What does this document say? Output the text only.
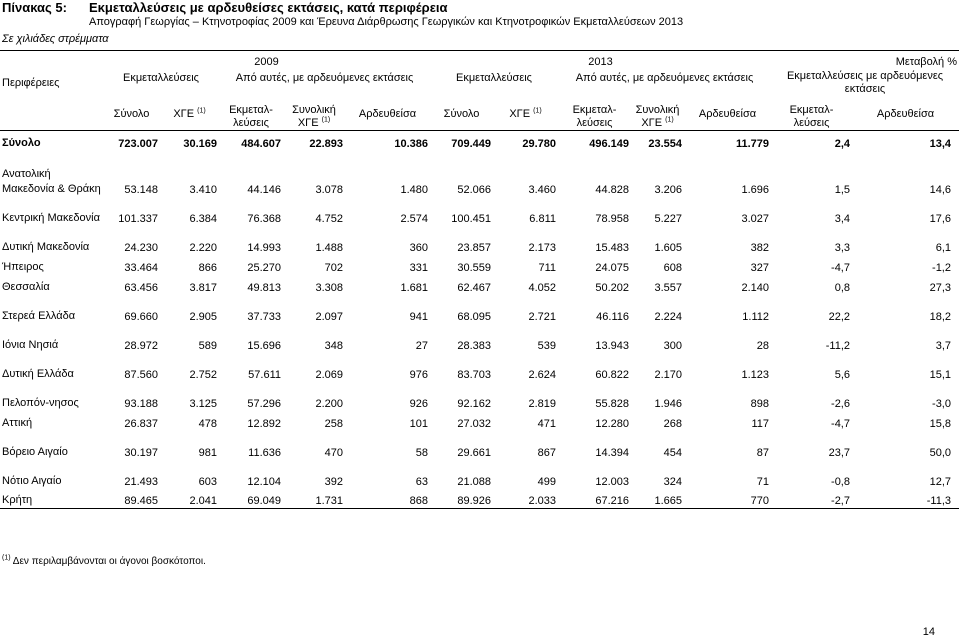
Πίνακας 5: Εκμεταλλεύσεις με αρδευθείσες εκτάσεις, κατά περιφέρεια
Απογραφή Γεωργίας – Κτηνοτροφίας 2009 και Έρευνα Διάρθρωσης Γεωργικών και Κτηνοτροφικών Εκμεταλλεύσεων 2013
Σε χιλιάδες στρέμματα
	2009					2013					Μεταβολή %	
Περιφέρειες	Εκμεταλλεύσεις		Από αυτές, με αρδευόμενες εκτάσεις			Εκμεταλλεύσεις		Από αυτές, με αρδευόμενες εκτάσεις			Εκμεταλλεύσεις με αρδευόμενες εκτάσεις	
	Σύνολο	ΧΓΕ $^{(1)}$	Εκμεταλ-λεύσεις	Συνολική ΧΓΕ $^{(1)}$	Αρδευθείσα	Σύνολο	ΧΓΕ $^{(1)}$	Εκμεταλ-λεύσεις	Συνολική ΧΓΕ $^{(1)}$	Αρδευθείσα	Εκμεταλ-λεύσεις	Αρδευθείσα
Σύνολο	723.007	30.169	484.607	22.893	10.386	709.449	29.780	496.149	23.554	11.779	2,4	13,4
Ανατολική Μακεδονία & Θράκη	53.148	3.410	44.146	3.078	1.480	52.066	3.460	44.828	3.206	1.696	1,5	14,6
Κεντρική Μακεδονία	101.337	6.384	76.368	4.752	2.574	100.451	6.811	78.958	5.227	3.027	3,4	17,6
Δυτική Μακεδονία	24.230	2.220	14.993	1.488	360	23.857	2.173	15.483	1.605	382	3,3	6,1
Ήπειρος	33.464	866	25.270	702	331	30.559	711	24.075	608	327	-4,7	-1,2
Θεσσαλία	63.456	3.817	49.813	3.308	1.681	62.467	4.052	50.202	3.557	2.140	0,8	27,3
Στερεά Ελλάδα	69.660	2.905	37.733	2.097	941	68.095	2.721	46.116	2.224	1.112	22,2	18,2
Ιόνια Νησιά	28.972	589	15.696	348	27	28.383	539	13.943	300	28	-11,2	3,7
Δυτική Ελλάδα	87.560	2.752	57.611	2.069	976	83.703	2.624	60.822	2.170	1.123	5,6	15,1
Πελοπόν-νησος	93.188	3.125	57.296	2.200	926	92.162	2.819	55.828	1.946	898	-2,6	-3,0
Αττική	26.837	478	12.892	258	101	27.032	471	12.280	268	117	-4,7	15,8
Βόρειο Αιγαίο	30.197	981	11.636	470	58	29.661	867	14.394	454	87	23,7	50,0
Νότιο Αιγαίο	21.493	603	12.104	392	63	21.088	499	12.003	324	71	-0,8	12,7
Κρήτη	89.465	2.041	69.049	1.731	868	89.926	2.033	67.216	1.665	770	-2,7	-11,3
$^{(1)}$ Δεν περιλαμβάνονται οι άγονοι βοσκότοποι.
14
